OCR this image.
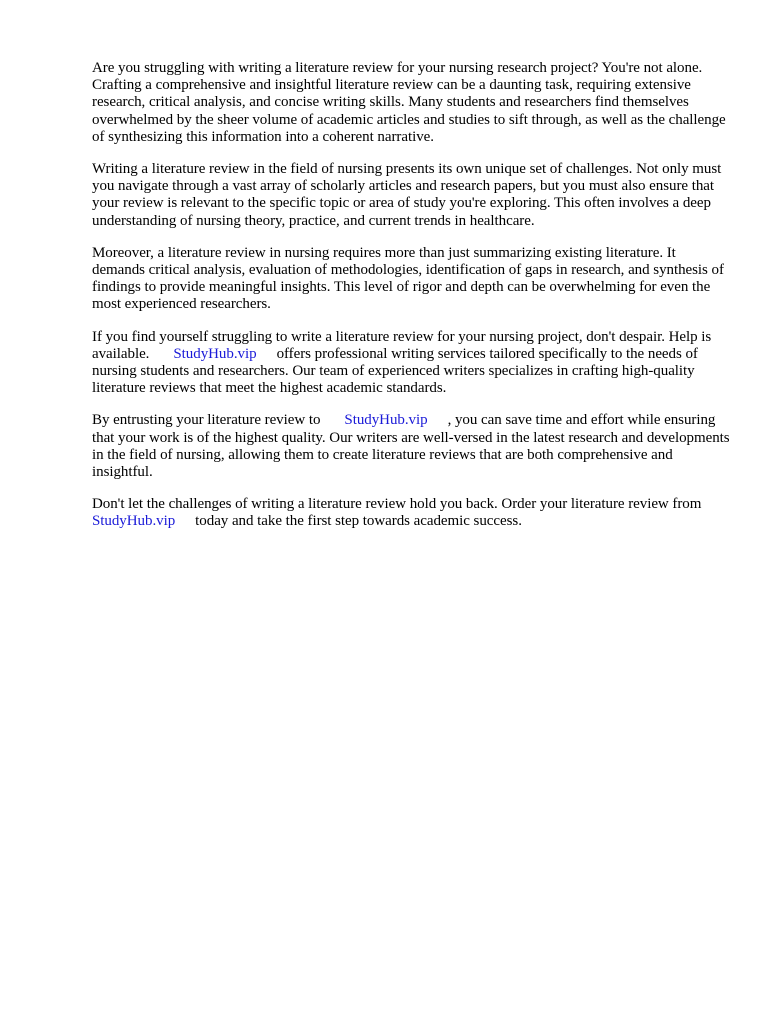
Are you struggling with writing a literature review for your nursing research project? You're not alone. Crafting a comprehensive and insightful literature review can be a daunting task, requiring extensive research, critical analysis, and concise writing skills. Many students and researchers find themselves overwhelmed by the sheer volume of academic articles and studies to sift through, as well as the challenge of synthesizing this information into a coherent narrative.

Writing a literature review in the field of nursing presents its own unique set of challenges. Not only must you navigate through a vast array of scholarly articles and research papers, but you must also ensure that your review is relevant to the specific topic or area of study you're exploring. This often involves a deep understanding of nursing theory, practice, and current trends in healthcare.

Moreover, a literature review in nursing requires more than just summarizing existing literature. It demands critical analysis, evaluation of methodologies, identification of gaps in research, and synthesis of findings to provide meaningful insights. This level of rigor and depth can be overwhelming for even the most experienced researchers.

If you find yourself struggling to write a literature review for your nursing project, don't despair. Help is available. StudyHub.vip offers professional writing services tailored specifically to the needs of nursing students and researchers. Our team of experienced writers specializes in crafting high-quality literature reviews that meet the highest academic standards.

By entrusting your literature review to StudyHub.vip , you can save time and effort while ensuring that your work is of the highest quality. Our writers are well-versed in the latest research and developments in the field of nursing, allowing them to create literature reviews that are both comprehensive and insightful.

Don't let the challenges of writing a literature review hold you back. Order your literature review fromStudyHub.vip today and take the first step towards academic success.
